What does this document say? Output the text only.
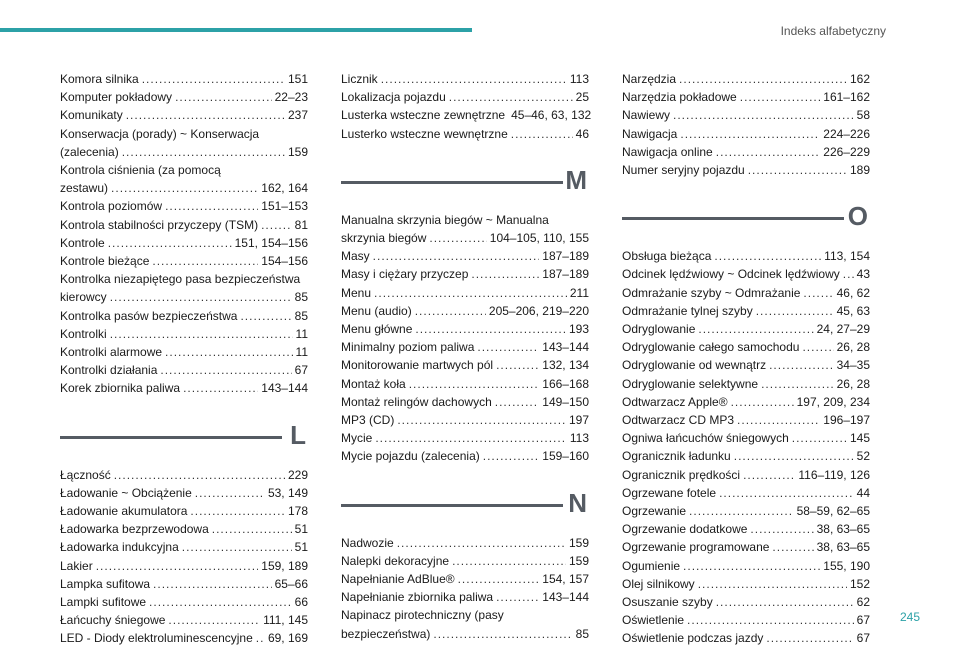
Indeks alfabetyczny
Komora silnika .....	151
Komputer pokładowy .....	22–23
Komunikaty .....	237
Konserwacja (porady) ~ Konserwacja
(zalecenia) .....	159
Kontrola ciśnienia (za pomocą
zestawu) .....	162, 164
Kontrola poziomów .....	151–153
Kontrola stabilności przyczepy (TSM) .....	81
Kontrole .....	151, 154–156
Kontrole bieżące .....	154–156
Kontrolka niezapiętego pasa bezpieczeństwa
kierowcy .....	85
Kontrolka pasów bezpieczeństwa .....	85
Kontrolki .....	11
Kontrolki alarmowe .....	11
Kontrolki działania .....	67
Korek zbiornika paliwa .....	143–144
L
Łączność .....	229
Ładowanie ~ Obciążenie .....	53, 149
Ładowanie akumulatora .....	178
Ładowarka bezprzewodowa .....	51
Ładowarka indukcyjna .....	51
Lakier .....	159, 189
Lampka sufitowa .....	65–66
Lampki sufitowe .....	66
Łańcuchy śniegowe .....	111, 145
LED - Diody elektroluminescencyjne ..... 69, 169
Licznik .....	113
Lokalizacja pojazdu .....	25
Lusterka wsteczne zewnętrzne 45–46, 63, 132
Lusterko wsteczne wewnętrzne .....	46
M
Manualna skrzynia biegów ~ Manualna
skrzynia biegów .....	104–105, 110, 155
Masy .....	187–189
Masy i ciężary przyczep .....	187–189
Menu .....	211
Menu (audio) .....	205–206, 219–220
Menu główne .....	193
Minimalny poziom paliwa .....	143–144
Monitorowanie martwych pól .....	132, 134
Montaż koła .....	166–168
Montaż relingów dachowych .....	149–150
MP3 (CD) .....	197
Mycie .....	113
Mycie pojazdu (zalecenia) .....	159–160
N
Nadwozie .....	159
Nalepki dekoracyjne .....	159
Napełnianie AdBlue® .....	154, 157
Napełnianie zbiornika paliwa .....	143–144
Napinacz pirotechniczny (pasy
bezpieczeństwa) .....	85
Narzędzia .....	162
Narzędzia pokładowe .....	161–162
Nawiewy .....	58
Nawigacja .....	224–226
Nawigacja online .....	226–229
Numer seryjny pojazdu .....	189
O
Obsługa bieżąca .....	113, 154
Odcinek lędźwiowy ~ Odcinek lędźwiowy ..... 43
Odmrażanie szyby ~ Odmrażanie .....	46, 62
Odmrażanie tylnej szyby .....	45, 63
Odryglowanie .....	24, 27–29
Odryglowanie całego samochodu .....	26, 28
Odryglowanie od wewnątrz .....	34–35
Odryglowanie selektywne .....	26, 28
Odtwarzacz Apple® .....	197, 209, 234
Odtwarzacz CD MP3 .....	196–197
Ogniwa łańcuchów śniegowych .....	145
Ogranicznik ładunku .....	52
Ogranicznik prędkości .....	116–119, 126
Ogrzewane fotele .....	44
Ogrzewanie .....	58–59, 62–65
Ogrzewanie dodatkowe .....	38, 63–65
Ogrzewanie programowane .....	38, 63–65
Ogumienie .....	155, 190
Olej silnikowy .....	152
Osuszanie szyby .....	62
Oświetlenie .....	67
Oświetlenie podczas jazdy .....	67
245
